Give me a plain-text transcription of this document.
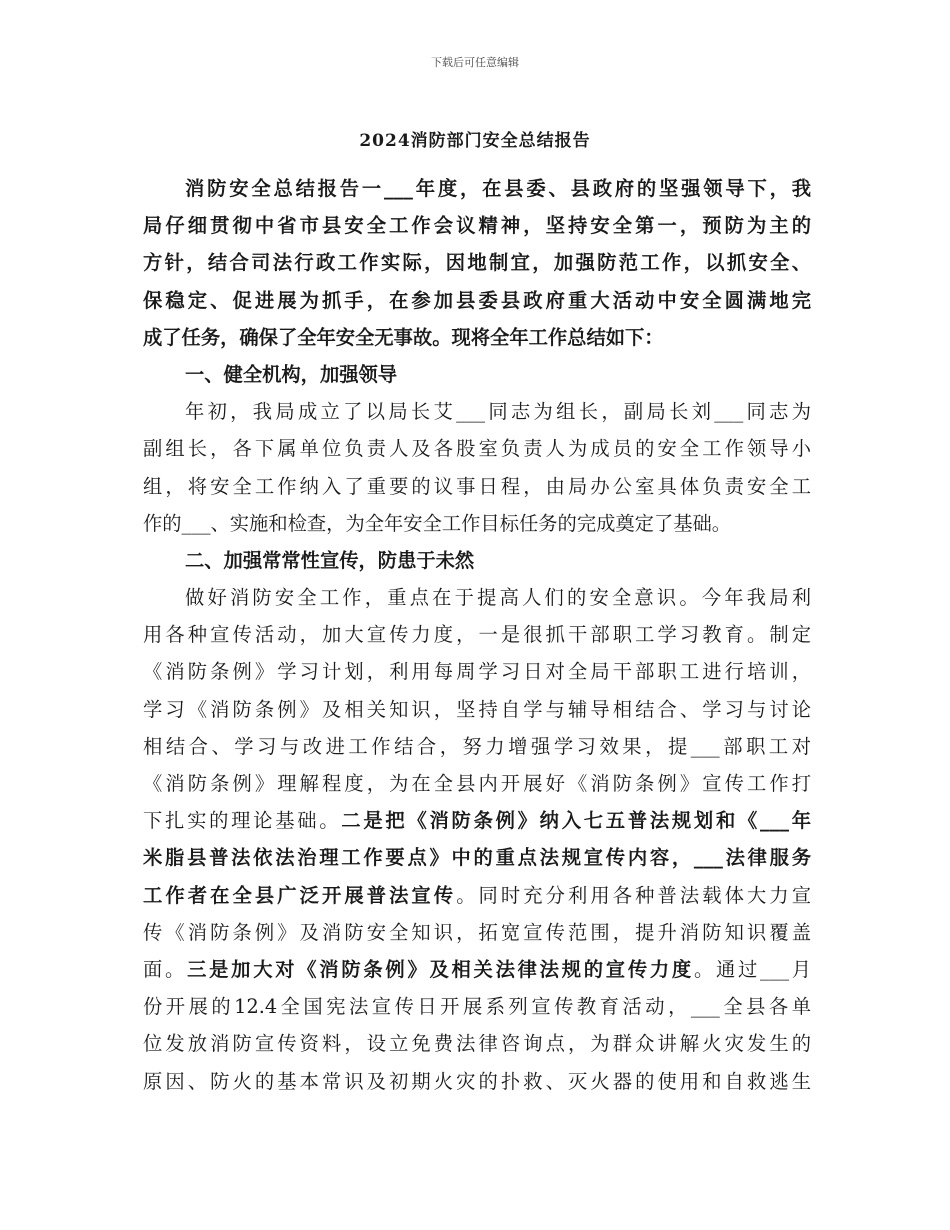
下载后可任意编辑
2024消防部门安全总结报告
消防安全总结报告一___年度，在县委、县政府的坚强领导下，我
局仔细贯彻中省市县安全工作会议精神，坚持安全第一，预防为主的
方针，结合司法行政工作实际，因地制宜，加强防范工作，以抓安全、
保稳定、促进展为抓手，在参加县委县政府重大活动中安全圆满地完
成了任务，确保了全年安全无事故。现将全年工作总结如下：
一、健全机构，加强领导
年初，我局成立了以局长艾___同志为组长，副局长刘___同志为
副组长，各下属单位负责人及各股室负责人为成员的安全工作领导小
组，将安全工作纳入了重要的议事日程，由局办公室具体负责安全工
作的___、实施和检查，为全年安全工作目标任务的完成奠定了基础。
二、加强常常性宣传，防患于未然
做好消防安全工作，重点在于提高人们的安全意识。今年我局利
用各种宣传活动，加大宣传力度，一是很抓干部职工学习教育。制定
《消防条例》学习计划，利用每周学习日对全局干部职工进行培训，
学习《消防条例》及相关知识，坚持自学与辅导相结合、学习与讨论
相结合、学习与改进工作结合，努力增强学习效果，提___部职工对
《消防条例》理解程度，为在全县内开展好《消防条例》宣传工作打
下扎实的理论基础。二是把《消防条例》纳入七五普法规划和《___年
米脂县普法依法治理工作要点》中的重点法规宣传内容，___法律服务
工作者在全县广泛开展普法宣传。同时充分利用各种普法载体大力宣
传《消防条例》及消防安全知识，拓宽宣传范围，提升消防知识覆盖
面。三是加大对《消防条例》及相关法律法规的宣传力度。通过___月
份开展的12.4全国宪法宣传日开展系列宣传教育活动，___全县各单
位发放消防宣传资料，设立免费法律咨询点，为群众讲解火灾发生的
原因、防火的基本常识及初期火灾的扑救、灭火器的使用和自救逃生
